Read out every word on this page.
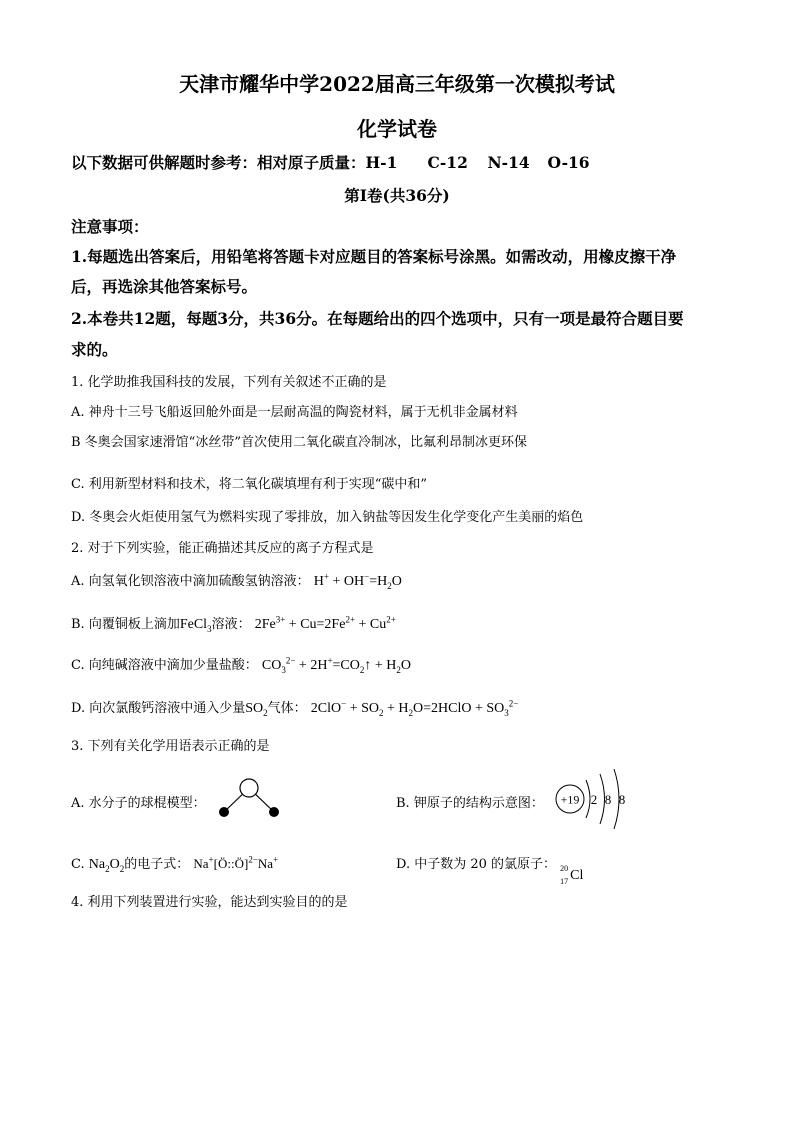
天津市耀华中学2022届高三年级第一次模拟考试
化学试卷
以下数据可供解题时参考：相对原子质量：H-1 C-12 N-14 O-16
第Ⅰ卷(共36分)
注意事项：
1.每题选出答案后，用铅笔将答题卡对应题目的答案标号涂黑。如需改动，用橡皮擦干净
后，再选涂其他答案标号。
2.本卷共12题，每题3分，共36分。在每题给出的四个选项中，只有一项是最符合题目要
求的。
1. 化学助推我国科技的发展，下列有关叙述不正确的是
A. 神舟十三号飞船返回舱外面是一层耐高温的陶瓷材料，属于无机非金属材料
B 冬奥会国家速滑馆“冰丝带”首次使用二氧化碳直冷制冰，比氟利昂制冰更环保
C. 利用新型材料和技术，将二氧化碳填埋有利于实现“碳中和”
D. 冬奥会火炬使用氢气为燃料实现了零排放，加入钠盐等因发生化学变化产生美丽的焰色
2. 对于下列实验，能正确描述其反应的离子方程式是
A. 向氢氧化钡溶液中滴加硫酸氢钠溶液： $H^+ + OH^-=H_2O$
B. 向覆铜板上滴加FeCl$_3$溶液： $2Fe^{3+} + Cu=2Fe^{2+} + Cu^{2+}$
C. 向纯碱溶液中滴加少量盐酸： $CO_3^{2-}$ + $2H^+=CO_2↑ + H_2O$
D. 向次氯酸钙溶液中通入少量$SO_2$气体： $2ClO^- + SO_2$ + $H_2O=2HClO + SO_3^{2-}$
3. 下列有关化学用语表示正确的是
A. 水分子的球棍模型：	B. 钾原子的结构示意图： +19 2 8 8
C. $Na_2O_2$的电子式： Na+[Ö::Ö]$^{2-}$Na+	D. 中子数为 20 的氯原子： 20
17 Cl
4. 利用下列装置进行实验，能达到实验目的的是
